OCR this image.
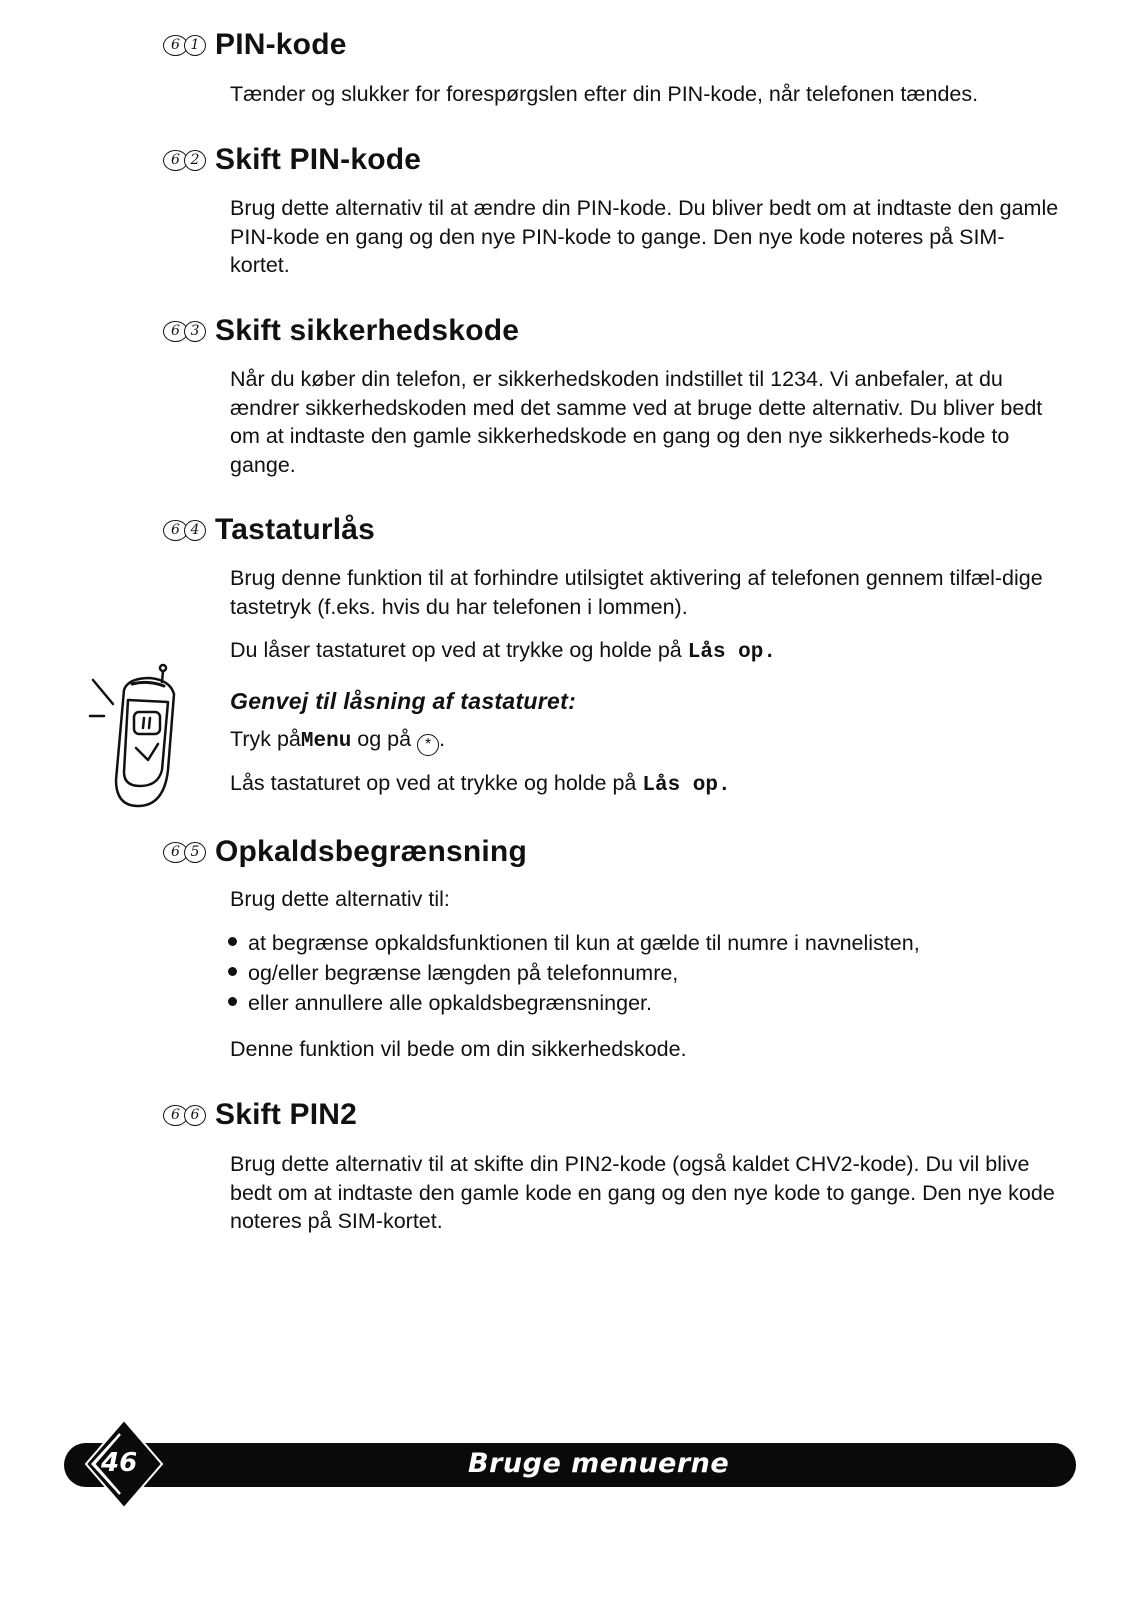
6 1 PIN-kode

Tænder og slukker for forespørgslen efter din PIN-kode, når telefonen tændes.

6 2 Skift PIN-kode

Brug dette alternativ til at ændre din PIN-kode. Du bliver bedt om at indtaste den gamle PIN-kode en gang og den nye PIN-kode to gange. Den nye kode noteres på SIM-kortet.

6 3 Skift sikkerhedskode

Når du køber din telefon, er sikkerhedskoden indstillet til 1234. Vi anbefaler, at du ændrer sikkerhedskoden med det samme ved at bruge dette alternativ. Du bliver bedt om at indtaste den gamle sikkerhedskode en gang og den nye sikkerheds-kode to gange.

6 4 Tastaturlås

Brug denne funktion til at forhindre utilsigtet aktivering af telefonen gennem tilfæl-dige tastetryk (f.eks. hvis du har telefonen i lommen).

Du låser tastaturet op ved at trykke og holde på Lås op.

Genvej til låsning af tastaturet:

Tryk påMenu og på * .

Lås tastaturet op ved at trykke og holde på Lås op.

6 5 Opkaldsbegrænsning

Brug dette alternativ til:

at begrænse opkaldsfunktionen til kun at gælde til numre i navnelisten,
og/eller begrænse længden på telefonnumre,
eller annullere alle opkaldsbegrænsninger.

Denne funktion vil bede om din sikkerhedskode.

6 6 Skift PIN2

Brug dette alternativ til at skifte din PIN2-kode (også kaldet CHV2-kode). Du vil blive bedt om at indtaste den gamle kode en gang og den nye kode to gange. Den nye kode noteres på SIM-kortet.

46	Bruge menuerne
